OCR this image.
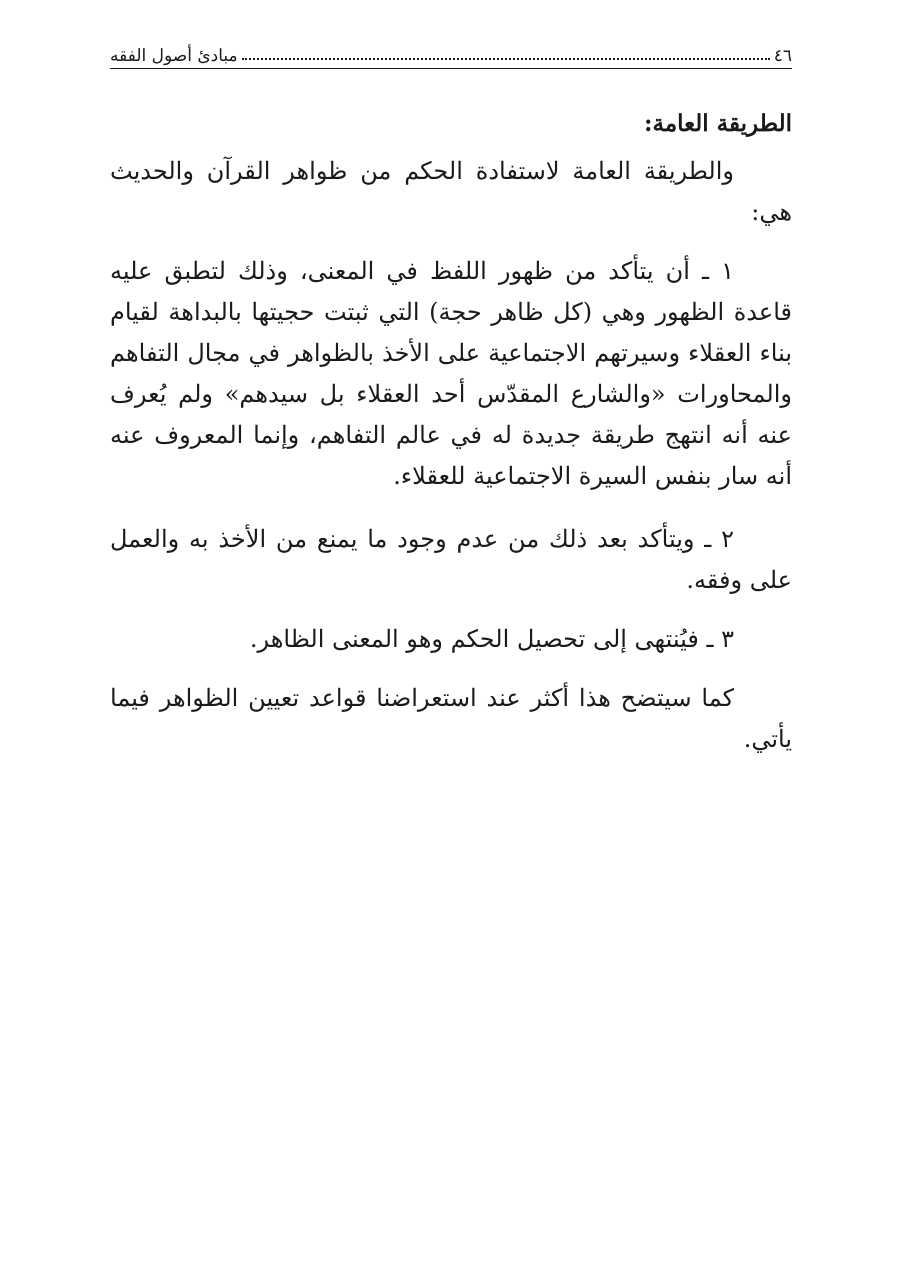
٤٦
مبادئ أصول الفقه
الطريقة العامة:

والطريقة العامة لاستفادة الحكم من ظواهر القرآن والحديث هي:

١ ـ أن يتأكد من ظهور اللفظ في المعنى، وذلك لتطبق عليه قاعدة الظهور وهي (كل ظاهر حجة) التي ثبتت حجيتها بالبداهة لقيام بناء العقلاء وسيرتهم الاجتماعية على الأخذ بالظواهر في مجال التفاهم والمحاورات «والشارع المقدّس أحد العقلاء بل سيدهم» ولم يُعرف عنه أنه انتهج طريقة جديدة له في عالم التفاهم، وإنما المعروف عنه أنه سار بنفس السيرة الاجتماعية للعقلاء.

٢ ـ ويتأكد بعد ذلك من عدم وجود ما يمنع من الأخذ به والعمل على وفقه.

٣ ـ فيُنتهى إلى تحصيل الحكم وهو المعنى الظاهر.

كما سيتضح هذا أكثر عند استعراضنا قواعد تعيين الظواهر فيما يأتي.
